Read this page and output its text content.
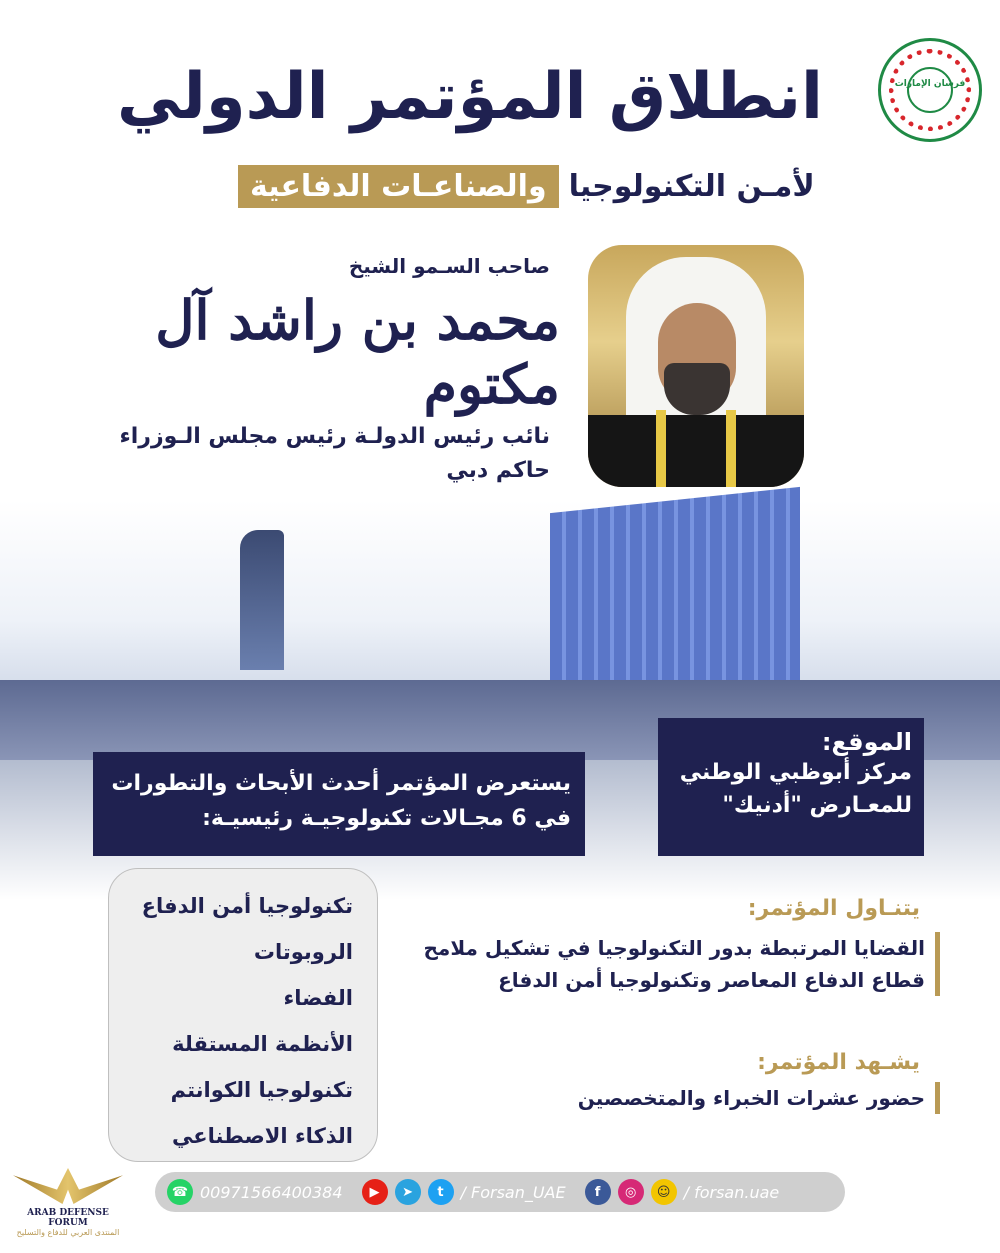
فرسان الإمارات
انطلاق المؤتمر الدولي
لأمـن التكنولوجيا
والصناعـات الدفاعية
صاحب السـمو الشيخ
محمد بن راشد آل مكتوم
نائب رئيس الدولـة رئيس مجلس الـوزراء
حاكم دبي
الموقع:
مركز أبوظبي الوطني
للمعـارض "أدنيك"
يستعرض المؤتمر أحدث الأبحاث والتطورات
في 6 مجـالات تكنولوجيـة رئيسيـة:
تكنولوجيا أمن الدفاع
الروبوتات
الفضاء
الأنظمة المستقلة
تكنولوجيا الكوانتم
الذكاء الاصطناعي
يتنـاول المؤتمر:
القضايا المرتبطة بدور التكنولوجيا في تشكيل ملامح
قطاع الدفاع المعاصر وتكنولوجيا أمن الدفاع
يشـهد المؤتمر:
حضور عشرات الخبراء والمتخصصين
☎ 00971566400384	▶	➤	t	/ Forsan_UAE	f	◎	☺ / forsan.uae
ARAB DEFENSE FORUM
المنتدى العربي للدفاع والتسليح
